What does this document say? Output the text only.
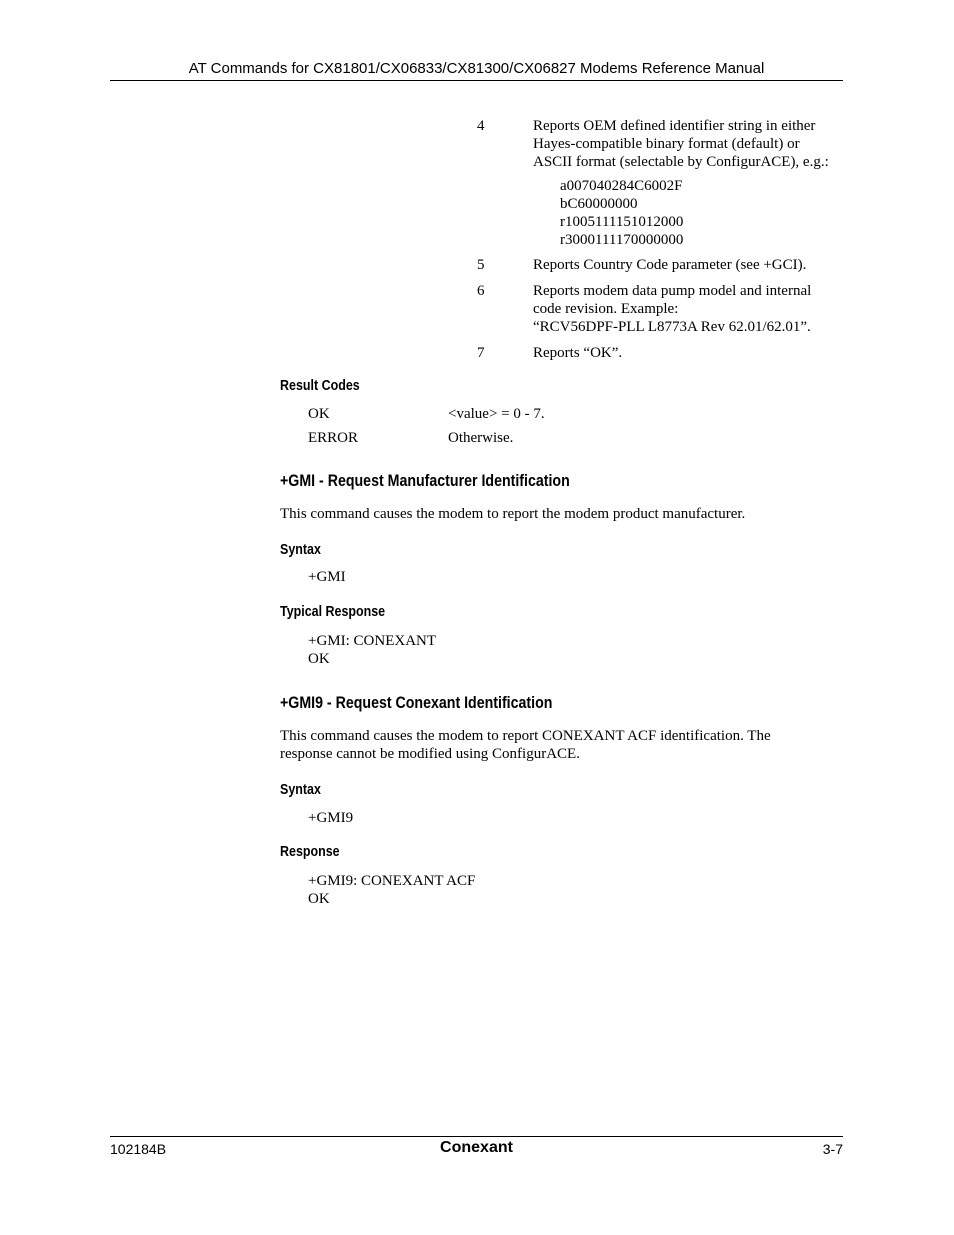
AT Commands for CX81801/CX06833/CX81300/CX06827 Modems Reference Manual
4	Reports OEM defined identifier string in either
Hayes-compatible binary format (default) or
ASCII format (selectable by ConfigurACE), e.g.:
a007040284C6002F
bC60000000
r1005111151012000
r3000111170000000
5	Reports Country Code parameter (see +GCI).
6	Reports modem data pump model and internal
code revision. Example:
“RCV56DPF-PLL L8773A Rev 62.01/62.01”.
7	Reports “OK”.
Result Codes
OK	<value> = 0 - 7.
ERROR	Otherwise.
+GMI - Request Manufacturer Identification
This command causes the modem to report the modem product manufacturer.
Syntax
+GMI
Typical Response
+GMI: CONEXANT
OK
+GMI9 - Request Conexant Identification
This command causes the modem to report CONEXANT ACF identification. The
response cannot be modified using ConfigurACE.
Syntax
+GMI9
Response
+GMI9: CONEXANT ACF
OK
102184B	Conexant	3-7
